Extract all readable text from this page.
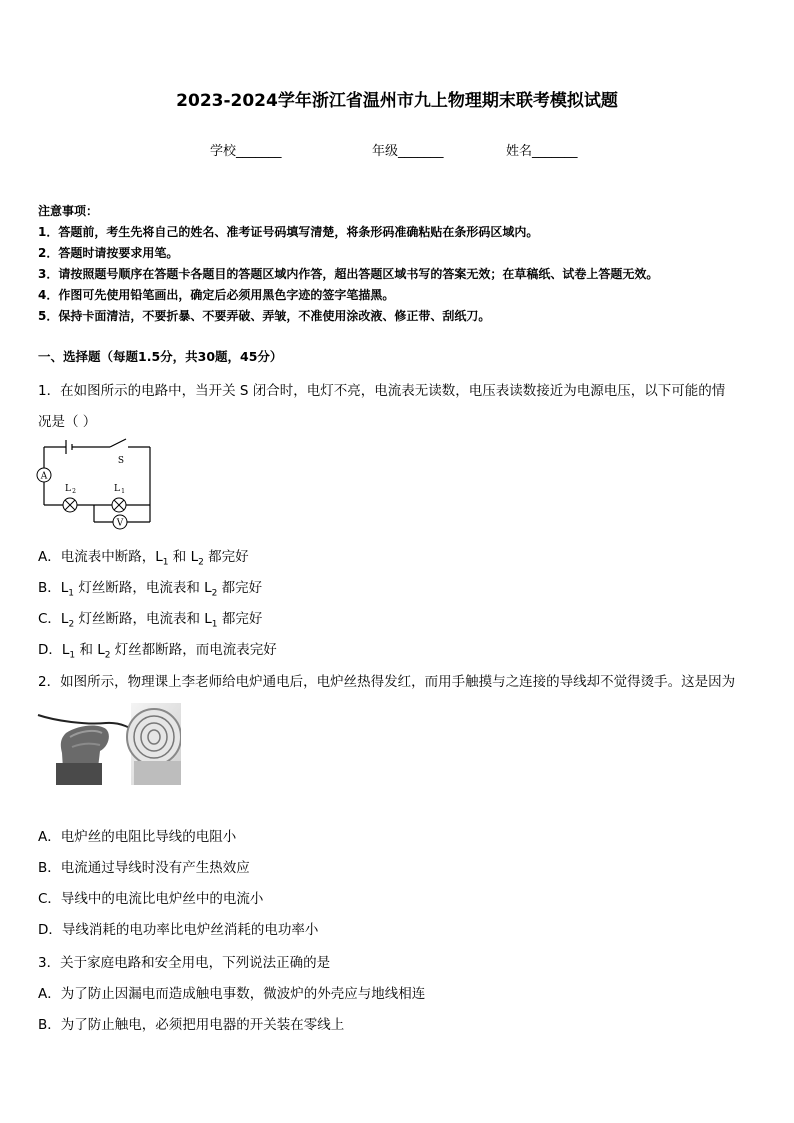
2023-2024学年浙江省温州市九上物理期末联考模拟试题
学校_______	年级_______	姓名_______
注意事项：
1．答题前，考生先将自己的姓名、准考证号码填写清楚，将条形码准确粘贴在条形码区域内。
2．答题时请按要求用笔。
3．请按照题号顺序在答题卡各题目的答题区域内作答，超出答题区域书写的答案无效；在草稿纸、试卷上答题无效。
4．作图可先使用铅笔画出，确定后必须用黑色字迹的签字笔描黑。
5．保持卡面清洁，不要折暴、不要弄破、弄皱，不准使用涂改液、修正带、刮纸刀。
一、选择题（每题1.5分，共30题，45分）
1．在如图所示的电路中，当开关 S 闭合时，电灯不亮，电流表无读数，电压表读数接近为电源电压，以下可能的情
况是（ ）
A
V
S
L 2	L 1
A．电流表中断路，$L_1$ 和 $L_2$ 都完好
B．$L_1$ 灯丝断路，电流表和 $L_2$ 都完好
C．$L_2$ 灯丝断路，电流表和 $L_1$ 都完好
D．$L_1$ 和 $L_2$ 灯丝都断路，而电流表完好
2．如图所示，物理课上李老师给电炉通电后，电炉丝热得发红，而用手触摸与之连接的导线却不觉得烫手。这是因为
A．电炉丝的电阻比导线的电阻小
B．电流通过导线时没有产生热效应
C．导线中的电流比电炉丝中的电流小
D．导线消耗的电功率比电炉丝消耗的电功率小
3．关于家庭电路和安全用电，下列说法正确的是
A．为了防止因漏电而造成触电事数，微波炉的外壳应与地线相连
B．为了防止触电，必须把用电器的开关装在零线上
